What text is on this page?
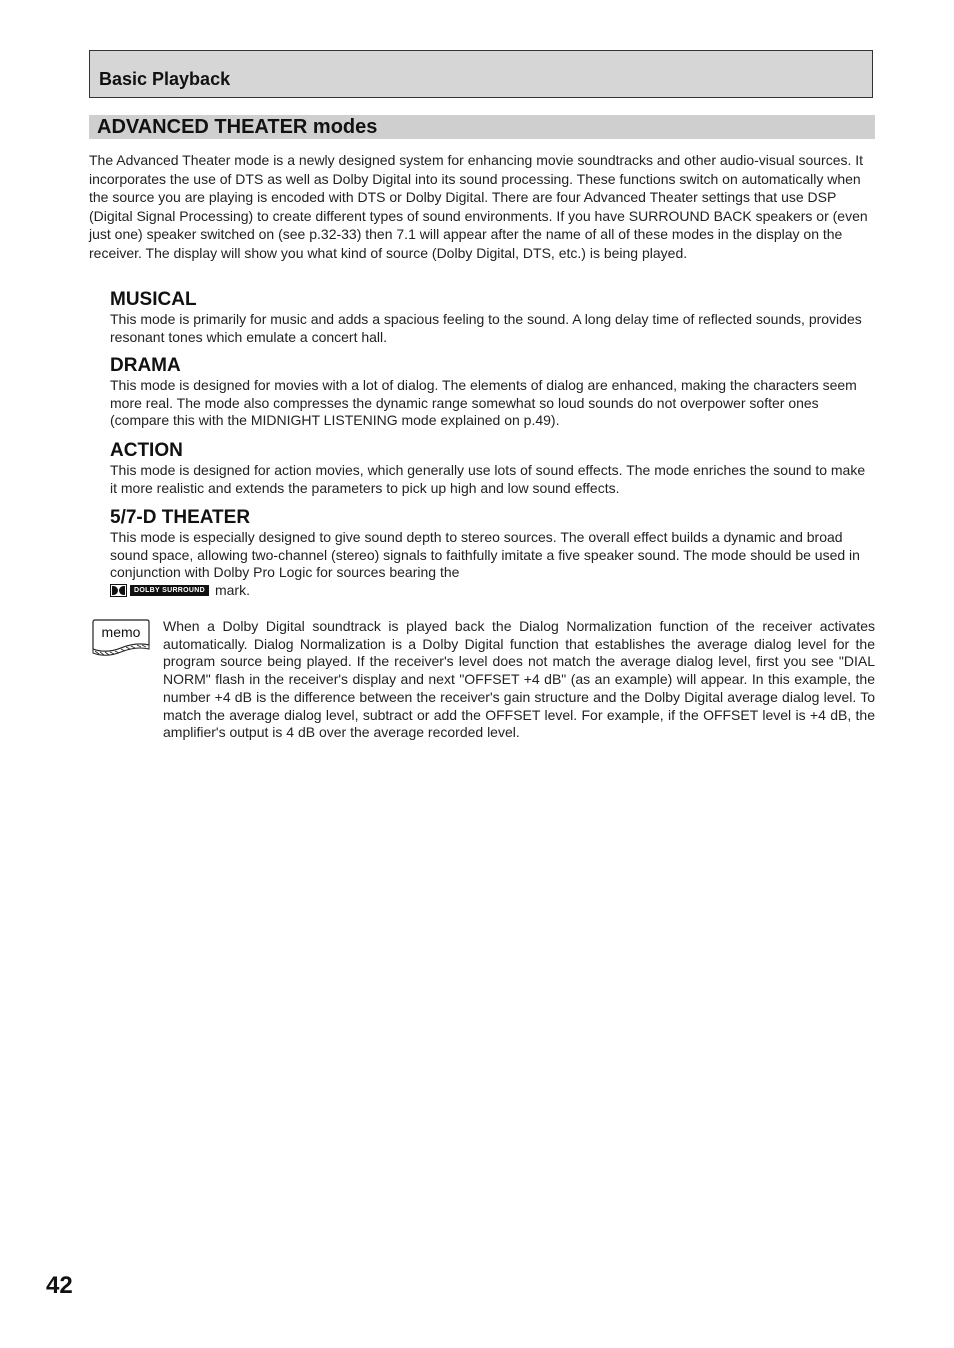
Basic Playback
ADVANCED THEATER modes

The Advanced Theater mode is a newly designed system for enhancing movie soundtracks and other audio-visual sources. It incorporates the use of DTS as well as Dolby Digital into its sound processing. These functions switch on automatically when the source you are playing is encoded with DTS or Dolby Digital. There are four Advanced Theater settings that use DSP (Digital Signal Processing) to create different types of sound environments. If you have SURROUND BACK speakers or (even just one) speaker switched on (see p.32-33) then 7.1 will appear after the name of all of these modes in the display on the receiver. The display will show you what kind of source (Dolby Digital, DTS, etc.) is being played.

MUSICAL

This mode is primarily for music and adds a spacious feeling to the sound. A long delay time of reflected sounds, provides resonant tones which emulate a concert hall.

DRAMA

This mode is designed for movies with a lot of dialog. The elements of dialog are enhanced, making the characters seem more real. The mode also compresses the dynamic range somewhat so loud sounds do not overpower softer ones (compare this with the MIDNIGHT LISTENING mode explained on p.49).

ACTION

This mode is designed for action movies, which generally use lots of sound effects. The mode enriches the sound to make it more realistic and extends the parameters to pick up high and low sound effects.

5/7-D THEATER

This mode is especially designed to give sound depth to stereo sources. The overall effect builds a dynamic and broad sound space, allowing two-channel (stereo) signals to faithfully imitate a five speaker sound. The mode should be used in conjunction with Dolby Pro Logic for sources bearing the

DOLBY SURROUND mark.

memo When a Dolby Digital soundtrack is played back the Dialog Normalization function of the receiver activates automatically. Dialog Normalization is a Dolby Digital function that establishes the average dialog level for the program source being played. If the receiver's level does not match the average dialog level, first you see "DIAL NORM" flash in the receiver's display and next "OFFSET +4 dB" (as an example) will appear. In this example, the number +4 dB is the difference between the receiver's gain structure and the Dolby Digital average dialog level. To match the average dialog level, subtract or add the OFFSET level. For example, if the OFFSET level is +4 dB, the amplifier's output is 4 dB over the average recorded level.

42
